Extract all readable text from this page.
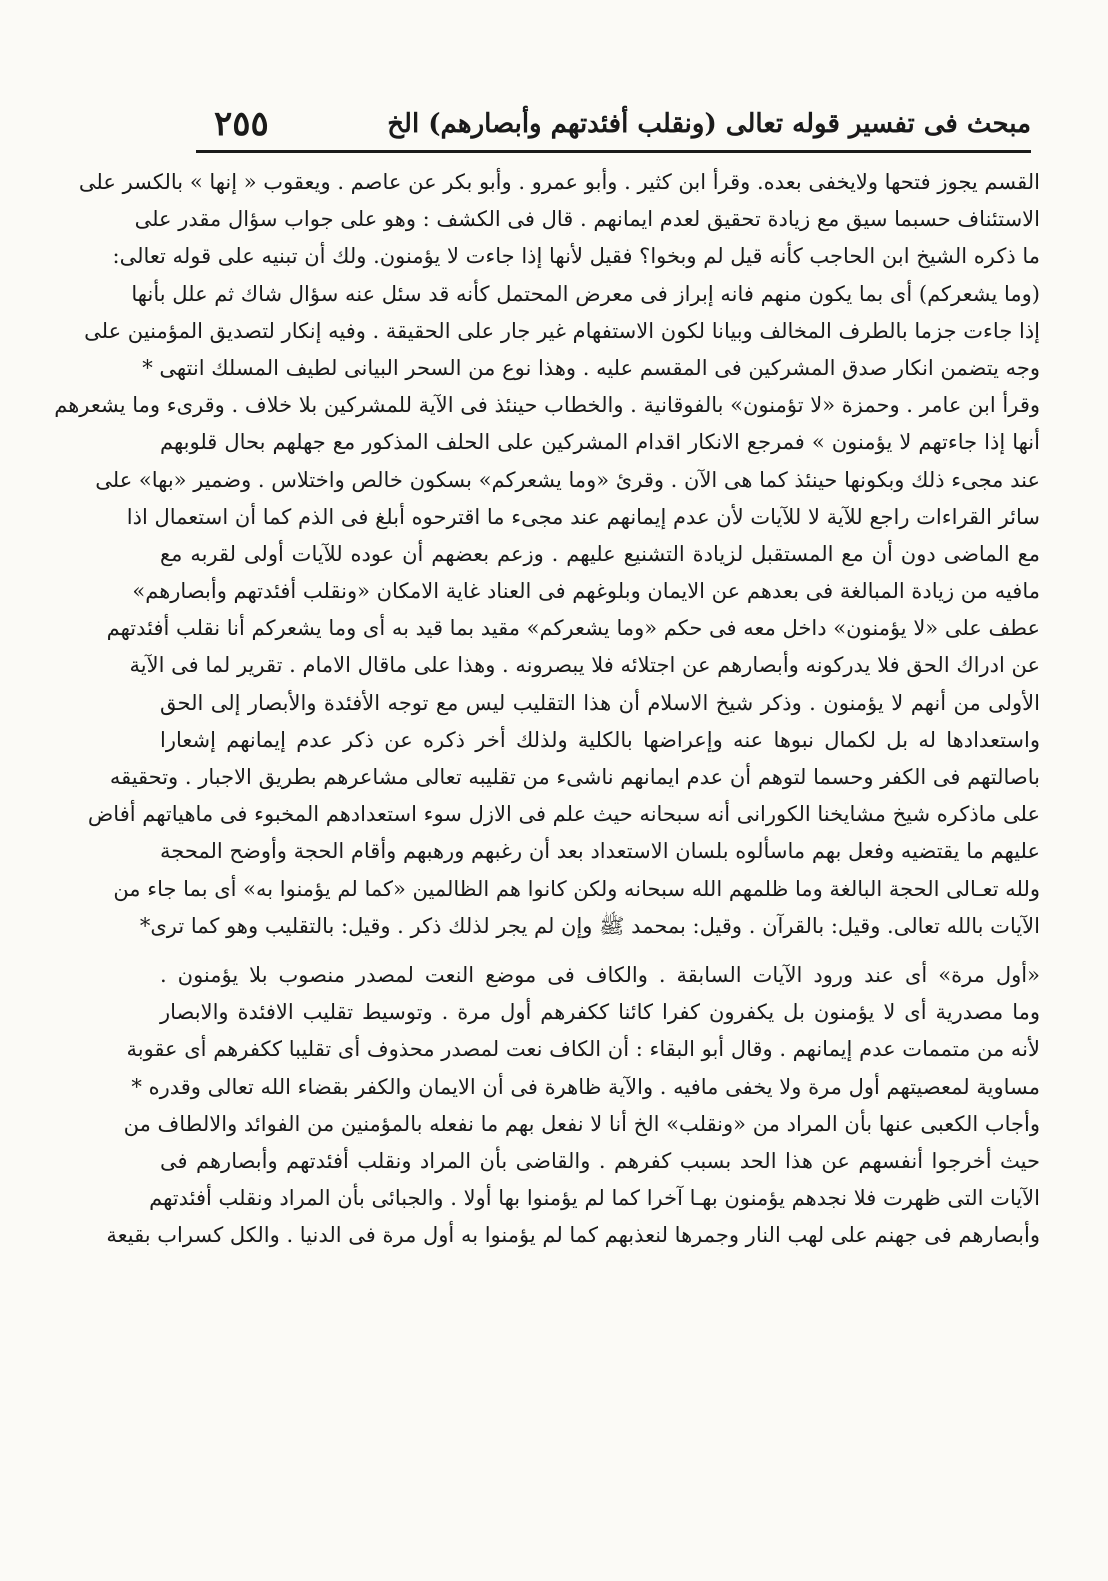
مبحث فى تفسير قوله تعالى (ونقلب أفئدتهم وأبصارهم) الخ
٢٥٥
القسم يجوز فتحها ولايخفى بعده. وقرأ ابن كثير . وأبو عمرو . وأبو بكر عن عاصم . ويعقوب « إنها » بالكسر على
الاستئناف حسبما سيق مع زيادة تحقيق لعدم ايمانهم . قال فى الكشف : وهو على جواب سؤال مقدر على
ما ذكره الشيخ ابن الحاجب كأنه قيل لم وبخوا؟ فقيل لأنها إذا جاءت لا يؤمنون. ولك أن تبنيه على قوله تعالى:
(وما يشعركم) أى بما يكون منهم فانه إبراز فى معرض المحتمل كأنه قد سئل عنه سؤال شاك ثم علل بأنها
إذا جاءت جزما بالطرف المخالف وبيانا لكون الاستفهام غير جار على الحقيقة . وفيه إنكار لتصديق المؤمنين على
وجه يتضمن انكار صدق المشركين فى المقسم عليه . وهذا نوع من السحر البيانى لطيف المسلك انتهى *
وقرأ ابن عامر . وحمزة «لا تؤمنون» بالفوقانية . والخطاب حينئذ فى الآية للمشركين بلا خلاف . وقرىء وما يشعرهم
أنها إذا جاءتهم لا يؤمنون » فمرجع الانكار اقدام المشركين على الحلف المذكور مع جهلهم بحال قلوبهم
عند مجىء ذلك وبكونها حينئذ كما هى الآن . وقرئ «وما يشعركم» بسكون خالص واختلاس . وضمير «بها» على
سائر القراءات راجع للآية لا للآيات لأن عدم إيمانهم عند مجىء ما اقترحوه أبلغ فى الذم كما أن استعمال اذا
مع الماضى دون أن مع المستقبل لزيادة التشنيع عليهم . وزعم بعضهم أن عوده للآيات أولى لقربه مع
مافيه من زيادة المبالغة فى بعدهم عن الايمان وبلوغهم فى العناد غاية الامكان «ونقلب أفئدتهم وأبصارهم»
عطف على «لا يؤمنون» داخل معه فى حكم «وما يشعركم» مقيد بما قيد به أى وما يشعركم أنا نقلب أفئدتهم
عن ادراك الحق فلا يدركونه وأبصارهم عن اجتلائه فلا يبصرونه . وهذا على ماقال الامام . تقرير لما فى الآية
الأولى من أنهم لا يؤمنون . وذكر شيخ الاسلام أن هذا التقليب ليس مع توجه الأفئدة والأبصار إلى الحق
واستعدادها له بل لكمال نبوها عنه وإعراضها بالكلية ولذلك أخر ذكره عن ذكر عدم إيمانهم إشعارا
باصالتهم فى الكفر وحسما لتوهم أن عدم ايمانهم ناشىء من تقليبه تعالى مشاعرهم بطريق الاجبار . وتحقيقه
على ماذكره شيخ مشايخنا الكورانى أنه سبحانه حيث علم فى الازل سوء استعدادهم المخبوء فى ماهياتهم أفاض
عليهم ما يقتضيه وفعل بهم ماسألوه بلسان الاستعداد بعد أن رغبهم ورهبهم وأقام الحجة وأوضح المحجة
ولله تعـالى الحجة البالغة وما ظلمهم الله سبحانه ولكن كانوا هم الظالمين «كما لم يؤمنوا به» أى بما جاء من
الآيات بالله تعالى. وقيل: بالقرآن . وقيل: بمحمد ﷺ وإن لم يجر لذلك ذكر . وقيل: بالتقليب وهو كما ترى*
«أول مرة» أى عند ورود الآيات السابقة . والكاف فى موضع النعت لمصدر منصوب بلا يؤمنون .
وما مصدرية أى لا يؤمنون بل يكفرون كفرا كائنا ككفرهم أول مرة . وتوسيط تقليب الافئدة والابصار
لأنه من متممات عدم إيمانهم . وقال أبو البقاء : أن الكاف نعت لمصدر محذوف أى تقليبا ككفرهم أى عقوبة
مساوية لمعصيتهم أول مرة ولا يخفى مافيه . والآية ظاهرة فى أن الايمان والكفر بقضاء الله تعالى وقدره *
وأجاب الكعبى عنها بأن المراد من «ونقلب» الخ أنا لا نفعل بهم ما نفعله بالمؤمنين من الفوائد والالطاف من
حيث أخرجوا أنفسهم عن هذا الحد بسبب كفرهم . والقاضى بأن المراد ونقلب أفئدتهم وأبصارهم فى
الآيات التى ظهرت فلا نجدهم يؤمنون بهـا آخرا كما لم يؤمنوا بها أولا . والجبائى بأن المراد ونقلب أفئدتهم
وأبصارهم فى جهنم على لهب النار وجمرها لنعذبهم كما لم يؤمنوا به أول مرة فى الدنيا . والكل كسراب بقيعة
